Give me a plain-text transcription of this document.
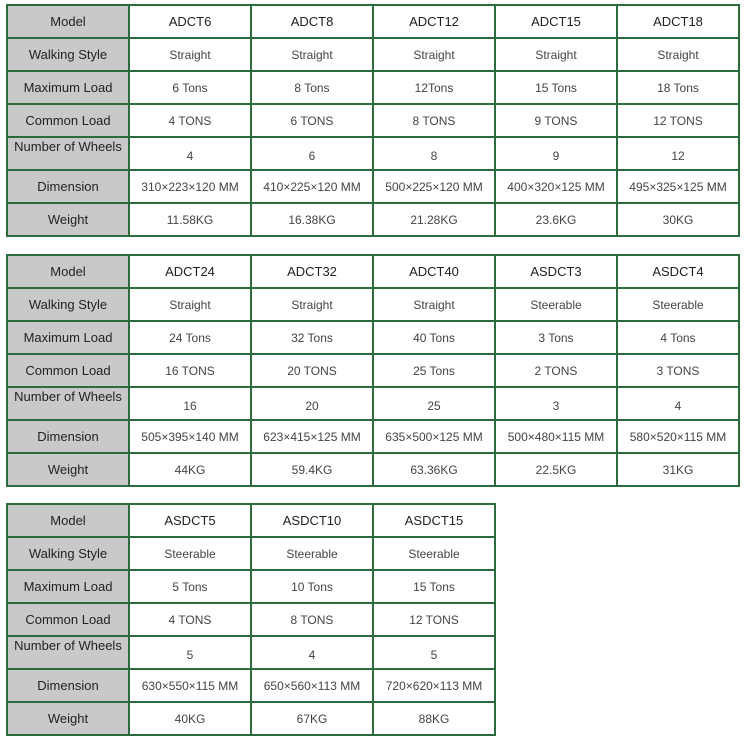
Model	ADCT6	ADCT8	ADCT12	ADCT15	ADCT18
Walking Style	Straight	Straight	Straight	Straight	Straight
Maximum Load	6 Tons	8 Tons	12Tons	15 Tons	18 Tons
Common Load	4 TONS	6 TONS	8 TONS	9 TONS	12 TONS
Number of Wheels	4	6	8	9	12
Dimension	310×223×120 MM	410×225×120 MM	500×225×120 MM	400×320×125 MM	495×325×125 MM
Weight	11.58KG	16.38KG	21.28KG	23.6KG	30KG
Model	ADCT24	ADCT32	ADCT40	ASDCT3	ASDCT4
Walking Style	Straight	Straight	Straight	Steerable	Steerable
Maximum Load	24 Tons	32 Tons	40 Tons	3 Tons	4 Tons
Common Load	16 TONS	20 TONS	25 Tons	2 TONS	3 TONS
Number of Wheels	16	20	25	3	4
Dimension	505×395×140 MM	623×415×125 MM	635×500×125 MM	500×480×115 MM	580×520×115 MM
Weight	44KG	59.4KG	63.36KG	22.5KG	31KG
Model	ASDCT5	ASDCT10	ASDCT15
Walking Style	Steerable	Steerable	Steerable
Maximum Load	5 Tons	10 Tons	15 Tons
Common Load	4 TONS	8 TONS	12 TONS
Number of Wheels	5	4	5
Dimension	630×550×115 MM	650×560×113 MM	720×620×113 MM
Weight	40KG	67KG	88KG
